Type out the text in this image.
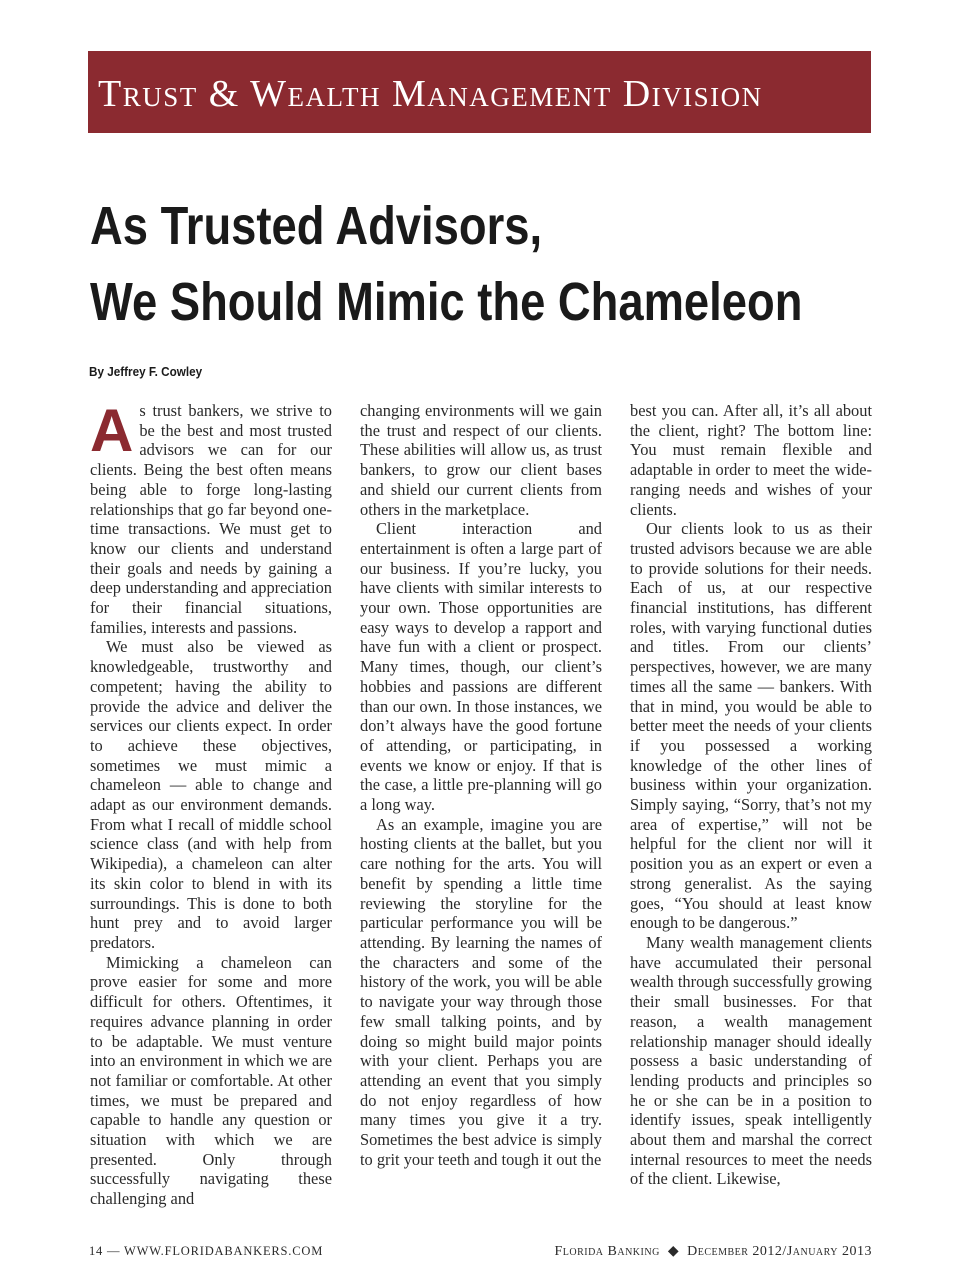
Trust & Wealth Management Division
As Trusted Advisors,
We Should Mimic the Chameleon
By Jeffrey F. Cowley

As trust bankers, we strive to be the best and most trusted advisors we can for our clients. Being the best often means being able to forge long-lasting relationships that go far beyond one-time transactions. We must get to know our clients and understand their goals and needs by gaining a deep understanding and appreciation for their financial situations, families, interests and passions.

We must also be viewed as knowledgeable, trustworthy and competent; having the ability to provide the advice and deliver the services our clients expect. In order to achieve these objectives, sometimes we must mimic a chameleon — able to change and adapt as our environment demands. From what I recall of middle school science class (and with help from Wikipedia), a chameleon can alter its skin color to blend in with its surroundings. This is done to both hunt prey and to avoid larger predators.

Mimicking a chameleon can prove easier for some and more difficult for others. Oftentimes, it requires advance planning in order to be adaptable. We must venture into an environment in which we are not familiar or comfortable. At other times, we must be prepared and capable to handle any question or situation with which we are presented. Only through successfully navigating these challenging and

changing environments will we gain the trust and respect of our clients. These abilities will allow us, as trust bankers, to grow our client bases and shield our current clients from others in the marketplace.

Client interaction and entertainment is often a large part of our business. If you’re lucky, you have clients with similar interests to your own. Those opportunities are easy ways to develop a rapport and have fun with a client or prospect. Many times, though, our client’s hobbies and passions are different than our own. In those instances, we don’t always have the good fortune of attending, or participating, in events we know or enjoy. If that is the case, a little pre-planning will go a long way.

As an example, imagine you are hosting clients at the ballet, but you care nothing for the arts. You will benefit by spending a little time reviewing the storyline for the particular performance you will be attending. By learning the names of the characters and some of the history of the work, you will be able to navigate your way through those few small talking points, and by doing so might build major points with your client. Perhaps you are attending an event that you simply do not enjoy regardless of how many times you give it a try. Sometimes the best advice is simply to grit your teeth and tough it out the

best you can. After all, it’s all about the client, right? The bottom line: You must remain flexible and adaptable in order to meet the wide-ranging needs and wishes of your clients.

Our clients look to us as their trusted advisors because we are able to provide solutions for their needs. Each of us, at our respective financial institutions, has different roles, with varying functional duties and titles. From our clients’ perspectives, however, we are many times all the same — bankers. With that in mind, you would be able to better meet the needs of your clients if you possessed a working knowledge of the other lines of business within your organization. Simply saying, “Sorry, that’s not my area of expertise,” will not be helpful for the client nor will it position you as an expert or even a strong generalist. As the saying goes, “You should at least know enough to be dangerous.”

Many wealth management clients have accumulated their personal wealth through successfully growing their small businesses. For that reason, a wealth management relationship manager should ideally possess a basic understanding of lending products and principles so he or she can be in a position to identify issues, speak intelligently about them and marshal the correct internal resources to meet the needs of the client. Likewise,

14 — WWW.FLORIDABANKERS.COM	Florida Banking ◆ December 2012/January 2013
